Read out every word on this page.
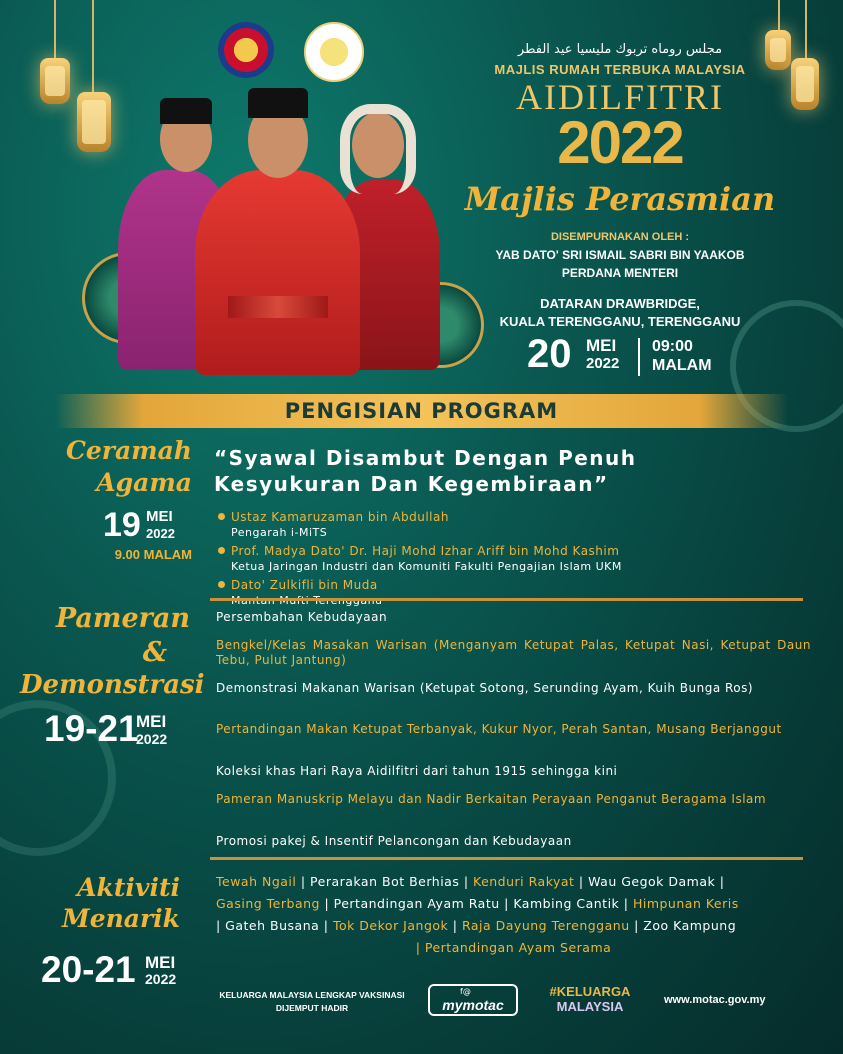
مجلس روماه تربوك مليسيا عيد الفطر
MAJLIS RUMAH TERBUKA MALAYSIA
AIDILFITRI
2022
Majlis Perasmian
DISEMPURNAKAN OLEH :
YAB DATO' SRI ISMAIL SABRI BIN YAAKOB
PERDANA MENTERI
DATARAN DRAWBRIDGE,
KUALA TERENGGANU, TERENGGANU
20 MEI
2022
09:00
MALAM
PENGISIAN PROGRAM
Ceramah
Agama
19 MEI
2022
9.00 MALAM
“Syawal Disambut Dengan Penuh
Kesyukuran Dan Kegembiraan”
Ustaz Kamaruzaman bin Abdullah
Pengarah i-MiTS
Prof. Madya Dato' Dr. Haji Mohd Izhar Ariff bin Mohd Kashim
Ketua Jaringan Industri dan Komuniti Fakulti Pengajian Islam UKM
Dato' Zulkifli bin Muda
Pameran
&
Demonstrasi
19-21
MEI
2022
Persembahan Kebudayaan
Bengkel/Kelas Masakan Warisan (Menganyam Ketupat Palas, Ketupat Nasi, Ketupat Daun Tebu, Pulut Jantung)
Demonstrasi Makanan Warisan (Ketupat Sotong, Serunding Ayam, Kuih Bunga Ros)
Pertandingan Makan Ketupat Terbanyak, Kukur Nyor, Perah Santan, Musang Berjanggut
Koleksi khas Hari Raya Aidilfitri dari tahun 1915 sehingga kini
Pameran Manuskrip Melayu dan Nadir Berkaitan Perayaan Penganut Beragama Islam
Promosi pakej & Insentif Pelancongan dan Kebudayaan
Aktiviti
Menarik
20-21 MEI
2022
Tewah Ngail | Perarakan Bot Berhias | Kenduri Rakyat | Wau Gegok Damak |
Gasing Terbang | Pertandingan Ayam Ratu | Kambing Cantik | Himpunan Keris
| Gateh Busana | Tok Dekor Jangok | Raja Dayung Terengganu | Zoo Kampung
| Pertandingan Ayam Serama
KELUARGA MALAYSIA LENGKAP VAKSINASI
DIJEMPUT HADIR
f@
mymotac
#KELUARGA
MALAYSIA	www.motac.gov.my
